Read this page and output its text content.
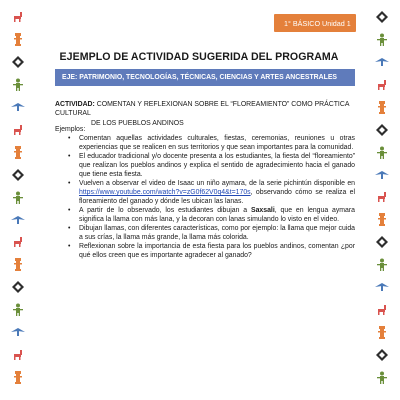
1° BÁSICO Unidad 1
EJEMPLO DE ACTIVIDAD SUGERIDA DEL PROGRAMA
EJE: PATRIMONIO, TECNOLOGÍAS, TÉCNICAS, CIENCIAS Y ARTES ANCESTRALES
ACTIVIDAD: COMENTAN Y REFLEXIONAN SOBRE EL “FLOREAMIENTO” COMO PRÁCTICA CULTURAL
DE LOS PUEBLOS ANDINOS
Ejemplos:
• Comentan aquellas actividades culturales, fiestas, ceremonias, reuniones u otras experiencias que se realicen en sus territorios y que sean importantes para la comunidad.
• El educador tradicional y/o docente presenta a los estudiantes, la fiesta del “floreamiento” que realizan los pueblos andinos y explica el sentido de agradecimiento hacia el ganado que tiene esta fiesta.
• Vuelven a observar el video de Isaac un niño aymara, de la serie pichintún disponible en https://www.youtube.com/watch?v=zG0f62V0q4&t=170s, observando cómo se realiza el floreamiento del ganado y dónde les ubican las lanas.
• A partir de lo observado, los estudiantes dibujan a Saxsali, que en lengua aymara significa la llama con más lana, y la decoran con lanas simulando lo visto en el video.
• Dibujan llamas, con diferentes características, como por ejemplo: la llama que mejor cuida a sus crías, la llama más grande, la llama más colorida.
• Reflexionan sobre la importancia de esta fiesta para los pueblos andinos, comentan ¿por qué ellos creen que es importante agradecer al ganado?
